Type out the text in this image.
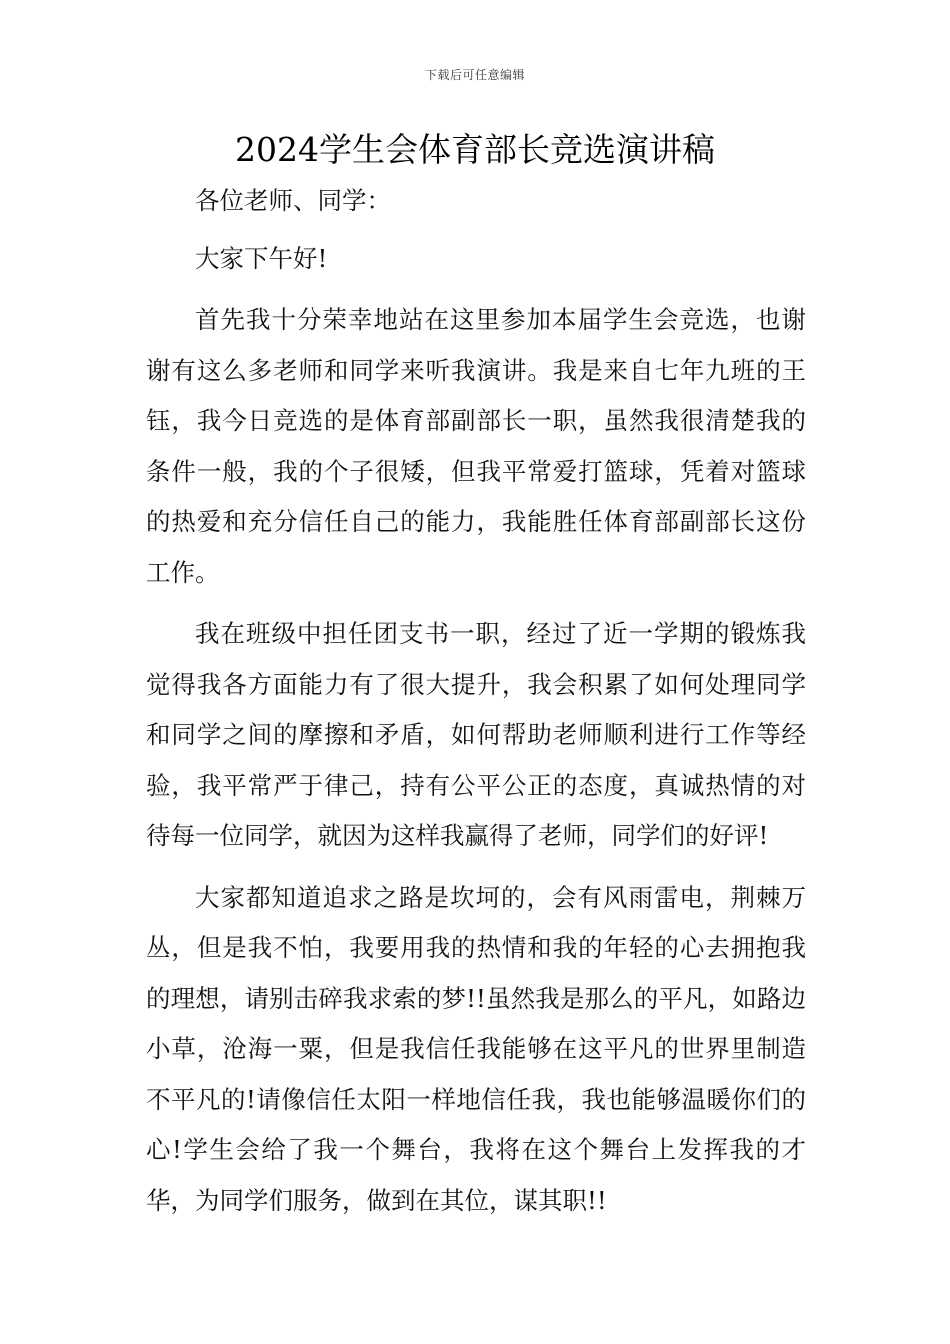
下载后可任意编辑
2024学生会体育部长竞选演讲稿

各位老师、同学：

大家下午好!

首先我十分荣幸地站在这里参加本届学生会竞选，也谢谢有这么多老师和同学来听我演讲。我是来自七年九班的王钰，我今日竞选的是体育部副部长一职，虽然我很清楚我的条件一般，我的个子很矮，但我平常爱打篮球，凭着对篮球的热爱和充分信任自己的能力，我能胜任体育部副部长这份工作。

我在班级中担任团支书一职，经过了近一学期的锻炼我觉得我各方面能力有了很大提升，我会积累了如何处理同学和同学之间的摩擦和矛盾，如何帮助老师顺利进行工作等经验，我平常严于律己，持有公平公正的态度，真诚热情的对待每一位同学，就因为这样我赢得了老师，同学们的好评!

大家都知道追求之路是坎坷的，会有风雨雷电，荆棘万丛，但是我不怕，我要用我的热情和我的年轻的心去拥抱我的理想，请别击碎我求索的梦!!虽然我是那么的平凡，如路边小草，沧海一粟，但是我信任我能够在这平凡的世界里制造不平凡的!请像信任太阳一样地信任我，我也能够温暖你们的心!学生会给了我一个舞台，我将在这个舞台上发挥我的才华，为同学们服务，做到在其位，谋其职!!
